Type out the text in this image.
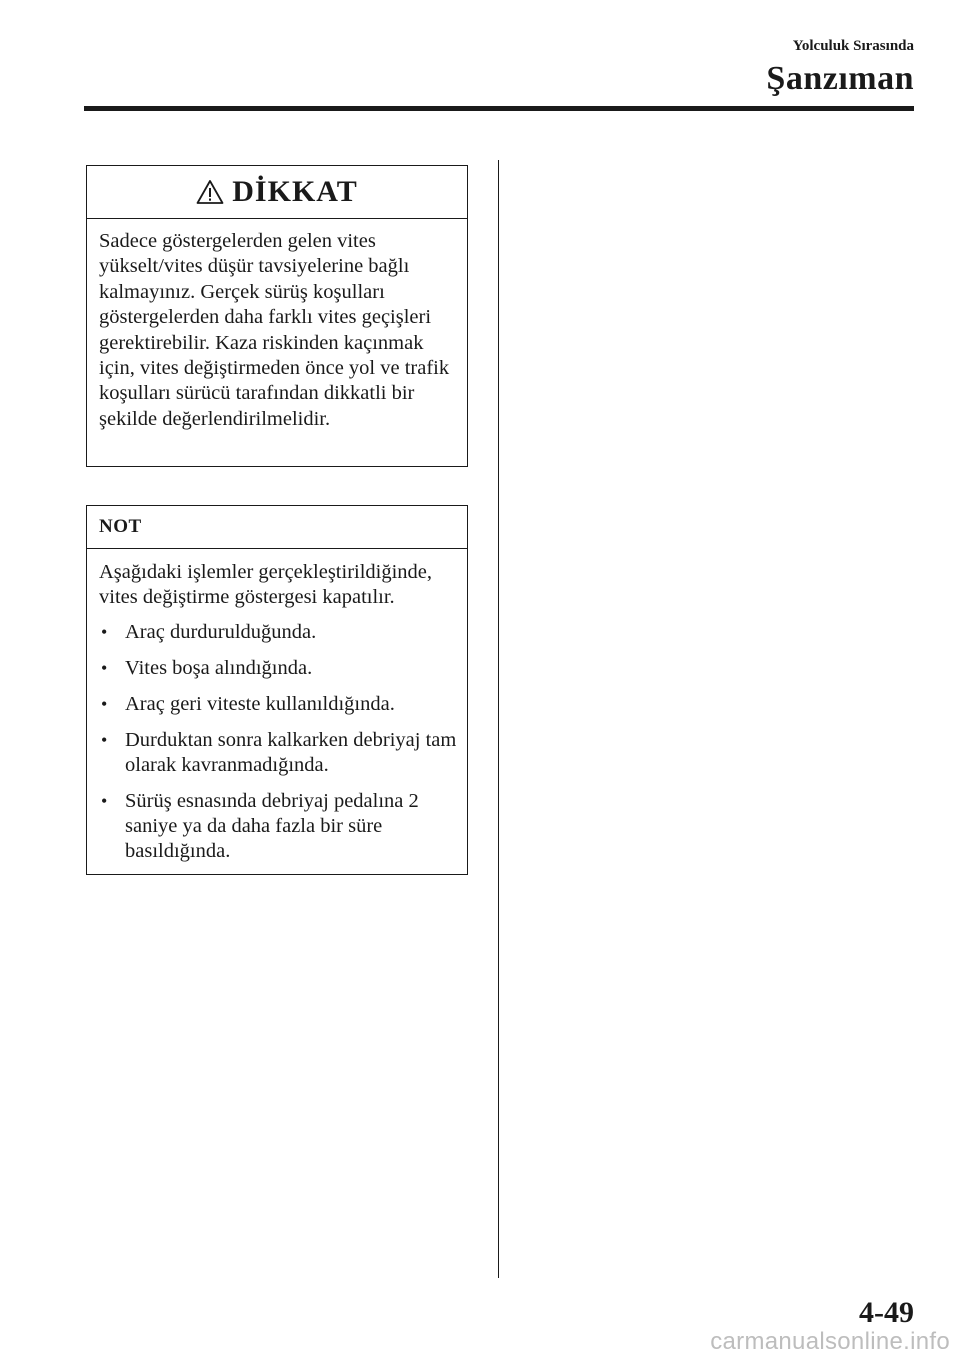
Yolculuk Sırasında
Şanzıman
DİKKAT
Sadece göstergelerden gelen vites yükselt/vites düşür tavsiyelerine bağlı kalmayınız. Gerçek sürüş koşulları göstergelerden daha farklı vites geçişleri gerektirebilir. Kaza riskinden kaçınmak için, vites değiştirmeden önce yol ve trafik koşulları sürücü tarafından dikkatli bir şekilde değerlendirilmelidir.
NOT

Aşağıdaki işlemler gerçekleştirildiğinde, vites değiştirme göstergesi kapatılır.

• Araç durdurulduğunda.
• Vites boşa alındığında.
• Araç geri viteste kullanıldığında.
• Durduktan sonra kalkarken debriyaj tam olarak kavranmadığında.
• Sürüş esnasında debriyaj pedalına 2 saniye ya da daha fazla bir süre basıldığında.
4-49
carmanualsonline.info
